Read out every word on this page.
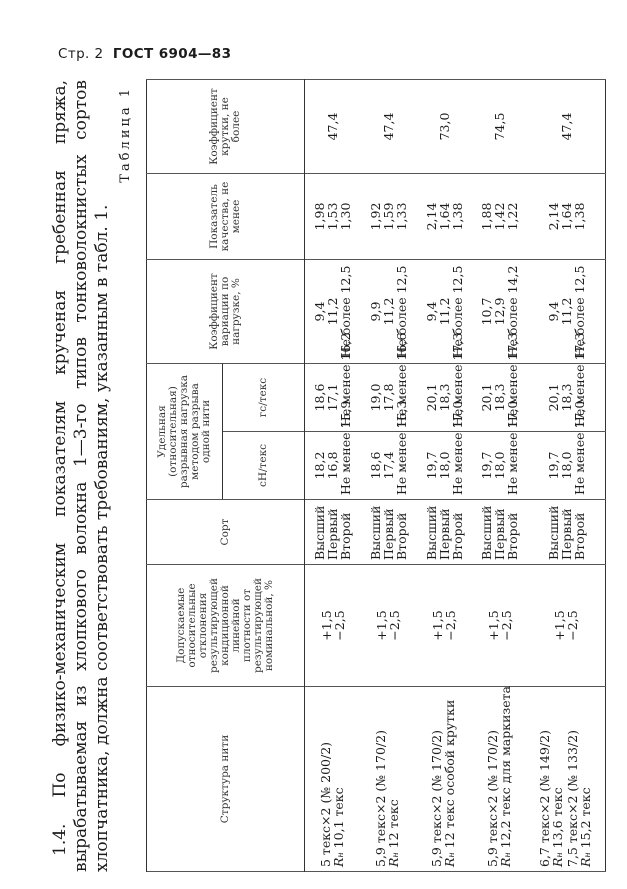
Стр. 2 ГОСТ 6904—83

1.4. По физико-механическим показателям крученая гребенная пряжа, вырабатываемая из хлопкового волокна 1—3-го типов тонковолокнистых сортов хлопчатника, должна соответствовать требованиям, указанным в табл. 1.

Таблица 1
Структура нити	Допускаемые относительные отклонения результирующей кондиционной линейной плотности от результирующей номинальной, %	Сорт	Удельная (относительная) разрывная нагрузка методом разрыва одной нити		Коэффициент вариации по нагрузке, %	Показатель качества, не менее	Коэффициент крутки, не более
			сН/текс	гс/текс			

5 текс×2 (№ 200/2)
Rн 10,1 текс	+1,5
−2,5	Высший
Первый
Второй	18,2
16,8
Не менее 15,9	18,6
17,1
Не менее 16,2	9,4
11,2
Не более 12,5	1,98
1,53
1,30	47,4

5,9 текс×2 (№ 170/2)
Rн 12 текс	+1,5
−2,5	Высший
Первый
Второй	18,6
17,4
Не менее 16,3	19,0
17,8
Не менее 16,6	9,9
11,2
Не более 12,5	1,92
1,59
1,33	47,4

5,9 текс×2 (№ 170/2)
Rн 12 текс особой крутки	+1,5
−2,5	Высший
Первый
Второй	19,7
18,0
Не менее 17,0	20,1
18,3
Не менее 17,3	9,4
11,2
Не более 12,5	2,14
1,64
1,38	73,0

5,9 текс×2 (№ 170/2)
Rн 12,2 текс для маркизета	+1,5
−2,5	Высший
Первый
Второй	19,7
18,0
Не менее 17,0	20,1
18,3
Не менее 17,3	10,7
12,9
Не более 14,2	1,88
1,42
1,22	74,5

6,7 текс×2 (№ 149/2)
Rн 13,6 текс 7,5 текс×2 (№ 133/2)
Rн 15,2 текс	+1,5
−2,5	Высший
Первый
Второй	19,7
18,0
Не менее 17,0	20,1
18,3
Не менее 17,3	9,4
11,2
Не более 12,5	2,14
1,64
1,38	47,4
